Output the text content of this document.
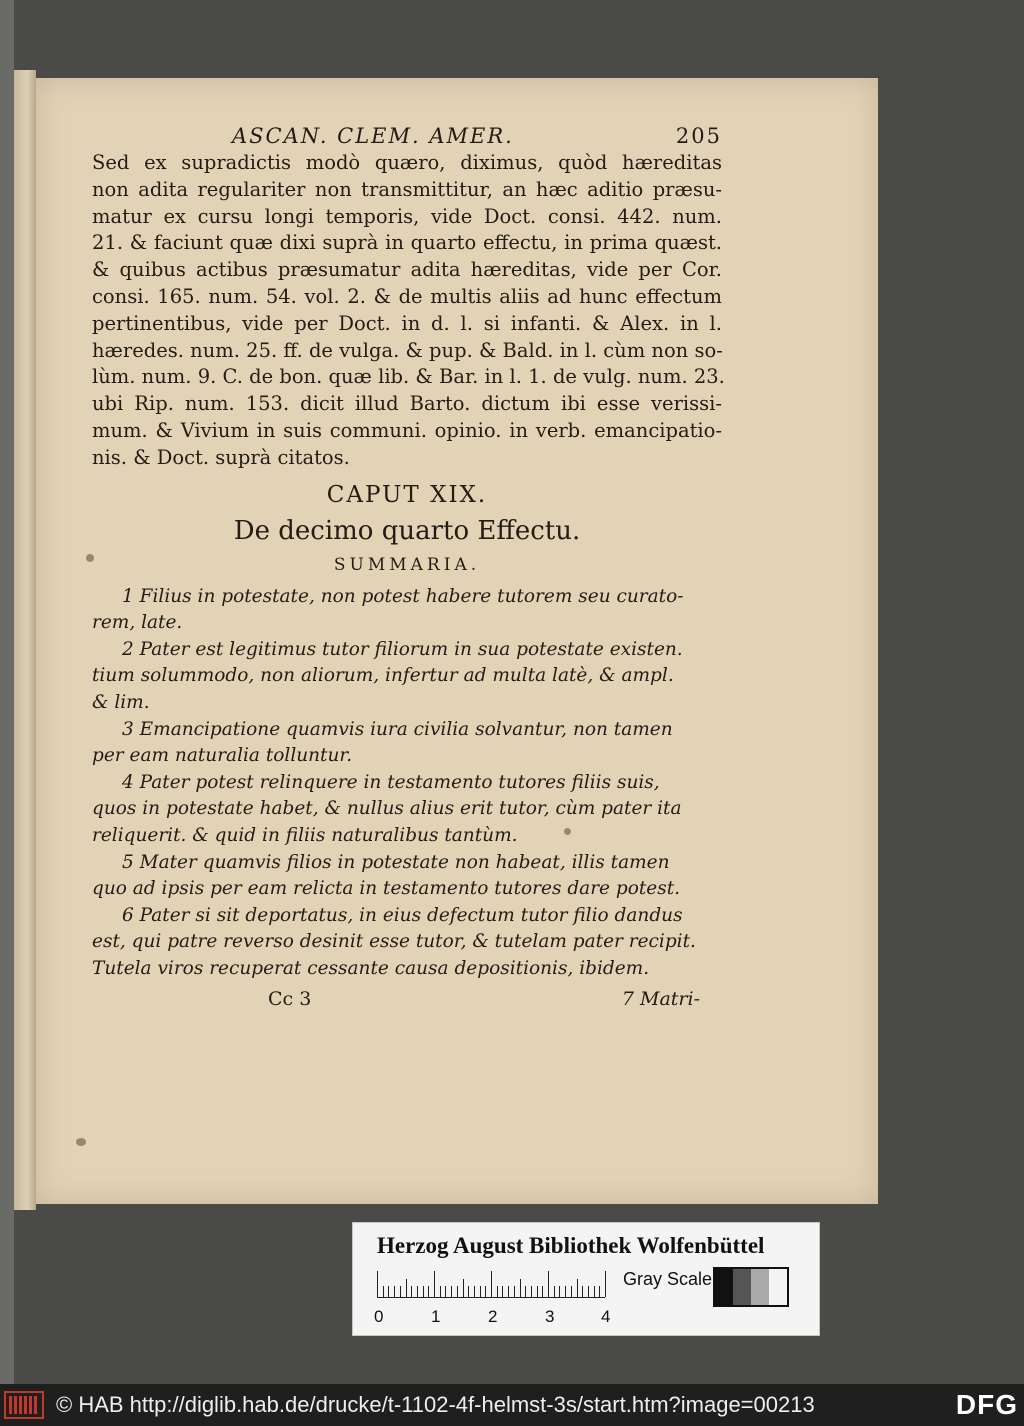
ASCAN. CLEM. AMER.	205
Sed ex supradictis modò quæro, diximus, quòd hæreditas
non adita regulariter non transmittitur, an hæc aditio præsu-
matur ex cursu longi temporis, vide Doct. consi. 442. num.
21. & faciunt quæ dixi suprà in quarto effectu, in prima quæst.
& quibus actibus præsumatur adita hæreditas, vide per Cor.
consi. 165. num. 54. vol. 2. & de multis aliis ad hunc effectum
pertinentibus, vide per Doct. in d. l. si infanti. & Alex. in l.
hæredes. num. 25. ff. de vulga. & pup. & Bald. in l. cùm non so-
lùm. num. 9. C. de bon. quæ lib. & Bar. in l. 1. de vulg. num. 23.
ubi Rip. num. 153. dicit illud Barto. dictum ibi esse verissi-
mum. & Vivium in suis communi. opinio. in verb. emancipatio-
nis. & Doct. suprà citatos.
CAPUT XIX.
De decimo quarto Effectu.
SUMMARIA.
1 Filius in potestate, non potest habere tutorem seu curato-
rem, late.
2 Pater est legitimus tutor filiorum in sua potestate existen.
tium solummodo, non aliorum, infertur ad multa latè, & ampl.
& lim.
3 Emancipatione quamvis iura civilia solvantur, non tamen
per eam naturalia tolluntur.
4 Pater potest relinquere in testamento tutores filiis suis,
quos in potestate habet, & nullus alius erit tutor, cùm pater ita
reliquerit. & quid in filiis naturalibus tantùm.
5 Mater quamvis filios in potestate non habeat, illis tamen
quo ad ipsis per eam relicta in testamento tutores dare potest.
6 Pater si sit deportatus, in eius defectum tutor filio dandus
est, qui patre reverso desinit esse tutor, & tutelam pater recipit.
Tutela viros recuperat cessante causa depositionis, ibidem.
Cc 3	7 Matri-
Herzog August Bibliothek Wolfenbüttel
0	1	2	3	4
Gray Scale
© HAB http://diglib.hab.de/drucke/t-1102-4f-helmst-3s/start.htm?image=00213	DFG
